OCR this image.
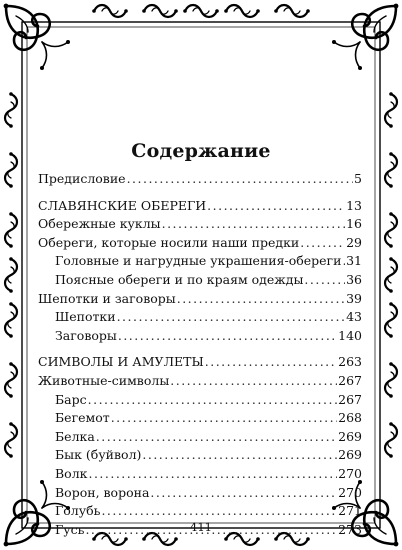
Содержание
Предисловие .....	5
СЛАВЯНСКИЕ ОБЕРЕГИ .....	13
Обережные куклы .....	16
Обереги, которые носили наши предки .....	29
Головные и нагрудные украшения-обереги ..... 31
Поясные обереги и по краям одежды .....	36
Шепотки и заговоры .....	39
Шепотки .....	43
Заговоры .....	140
СИМВОЛЫ И АМУЛЕТЫ .....	263
Животные-символы .....	267
Барс .....	267
Бегемот .....	268
Белка .....	269
Бык (буйвол) .....	269
Волк .....	270
Ворон, ворона .....	270
Голубь .....	271
Гусь .....	273
411
